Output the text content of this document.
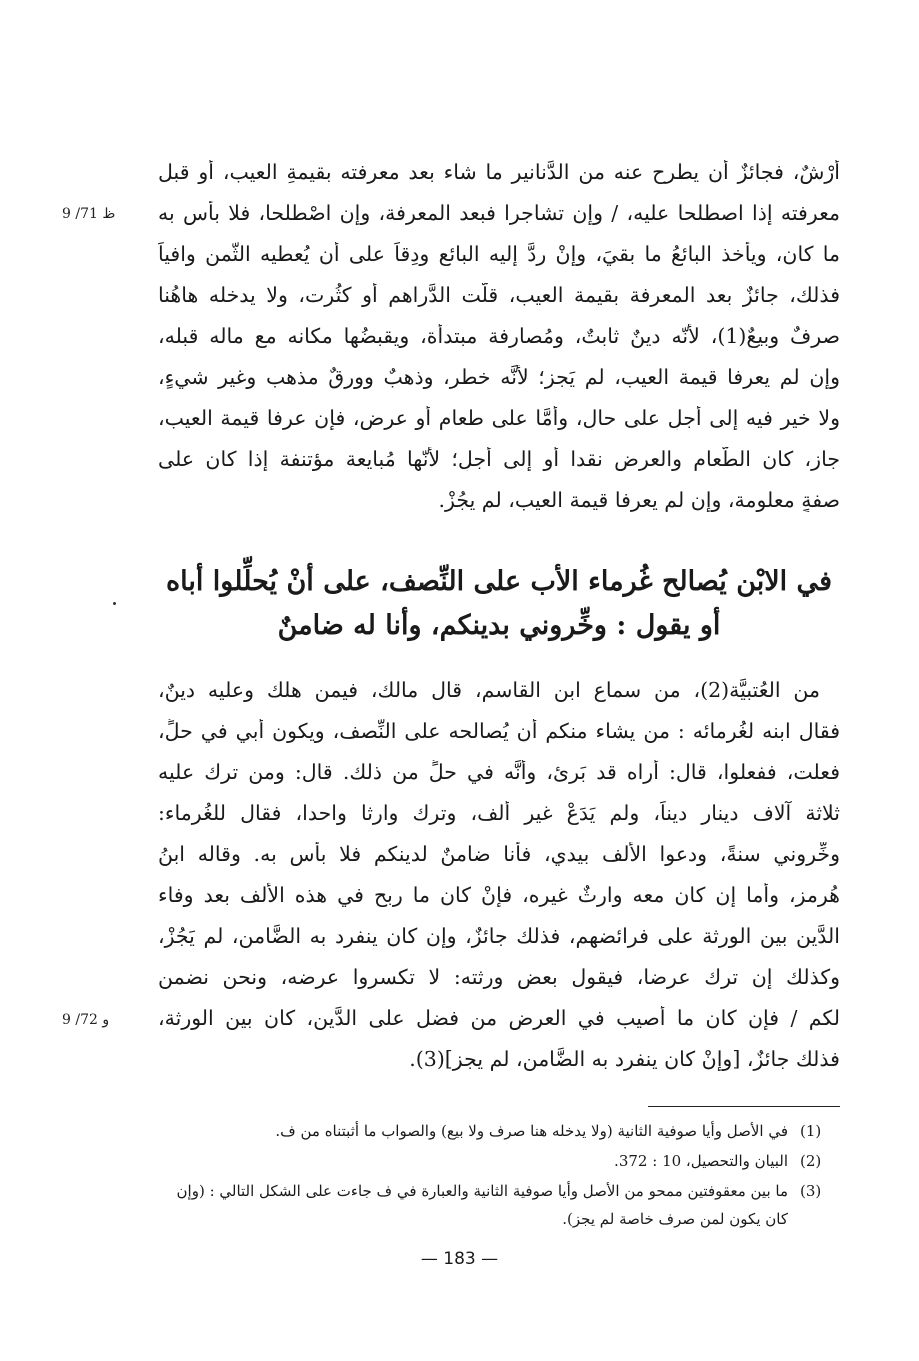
أَرْشٌ، فجائزٌ أن يطرح عنه من الدَّنانير ما شاء بعد معرفته بقيمةِ العيب، أو قبل
معرفته إذا اصطلحا عليه، / وإن تشاجرا فبعد المعرفة، وإن اصْطلحا، فلا بأس به
ما كان، ويأخذ البائعُ ما بقيَ، وإنْ ردَّ إليه البائع ودِقاً على أن يُعطيه الثَّمن وافياً
فذلك، جائزٌ بعد المعرفة بقيمة العيب، قلّت الدَّراهم أو كثُرت، ولا يدخله هاهُنا
صرفٌ وبيعٌ(1)، لأنّه دينٌ ثابتٌ، ومُصارفة مبتدأة، ويقبضُها مكانه مع ماله قبله،
وإن لم يعرفا قيمة العيب، لم يَجز؛ لأنَّه خطر، وذهبٌ وورِقٌ مذهب وغير شيءٍ،
ولا خير فيه إلى أجلٍ على حالٍ، وأمَّا على طعامٍ أو عرضٍ، فإن عرفا قيمة العيب،
جاز، كان الطَّعام والعرض نقدا أو إلى أجلٍ؛ لأنّها مُبايعة مؤتنفة إذا كان على
صفةٍ معلومة، وإن لم يعرفا قيمة العيب، لم يجُزْ.
9 /71 ظ
في الابْن يُصالح غُرماء الأب على النِّصف، على أنْ يُحلِّلوا أباه
أو يقول : وخِّروني بدينكم، وأنا له ضامنٌ
من العُتبيَّة(2)، من سماع ابن القاسم، قال مالك، فيمن هلك وعليه دينٌ،
فقال ابنه لغُرمائه : من يشاء منكم أن يُصالحه على النِّصف، ويكون أبي في حلٍّ،
فعلت، ففعلوا، قال: أراه قد بَرِئ، وأنَّه في حلٍّ من ذلك. قال: ومن ترك عليه
ثلاثة آلاف دينار ديناً، ولم يَدَعْ غير ألف، وترك وارثا واحدا، فقال للغُرماء:
وخِّروني سنةً، ودعوا الألف بيدي، فأنا ضامنٌ لدينكم فلا بأس به. وقاله ابنُ
هُرمز، وأما إن كان معه وارثٌ غيره، فإنْ كان ما ربح في هذه الألف بعد وفاء
الدَّين بين الورثة على فرائضهم، فذلك جائزٌ، وإن كان ينفرد به الضَّامن، لم يَجُزْ،
وكذلك إن ترك عرضا، فيقول بعض ورثته: لا تكسروا عرضه، ونحن نضمن
لكم / فإن كان ما أصيب في العرض من فضل على الدَّين، كان بين الورثة،
فذلك جائزٌ، [وإنْ كان ينفرد به الضَّامن، لم يجز](3).
9 /72 و
(1)
في الأصل وأيا صوفية الثانية (ولا يدخله هنا صرف ولا بيع) والصواب ما أثبتناه من ف.
(2)
البيان والتحصيل، 10 : 372.
(3)
ما بين معقوفتين ممحو من الأصل وأيا صوفية الثانية والعبارة في ف جاءت على الشكل التالي : (وإن
كان يكون لمن صرف خاصة لم يجز).
— 183 —
